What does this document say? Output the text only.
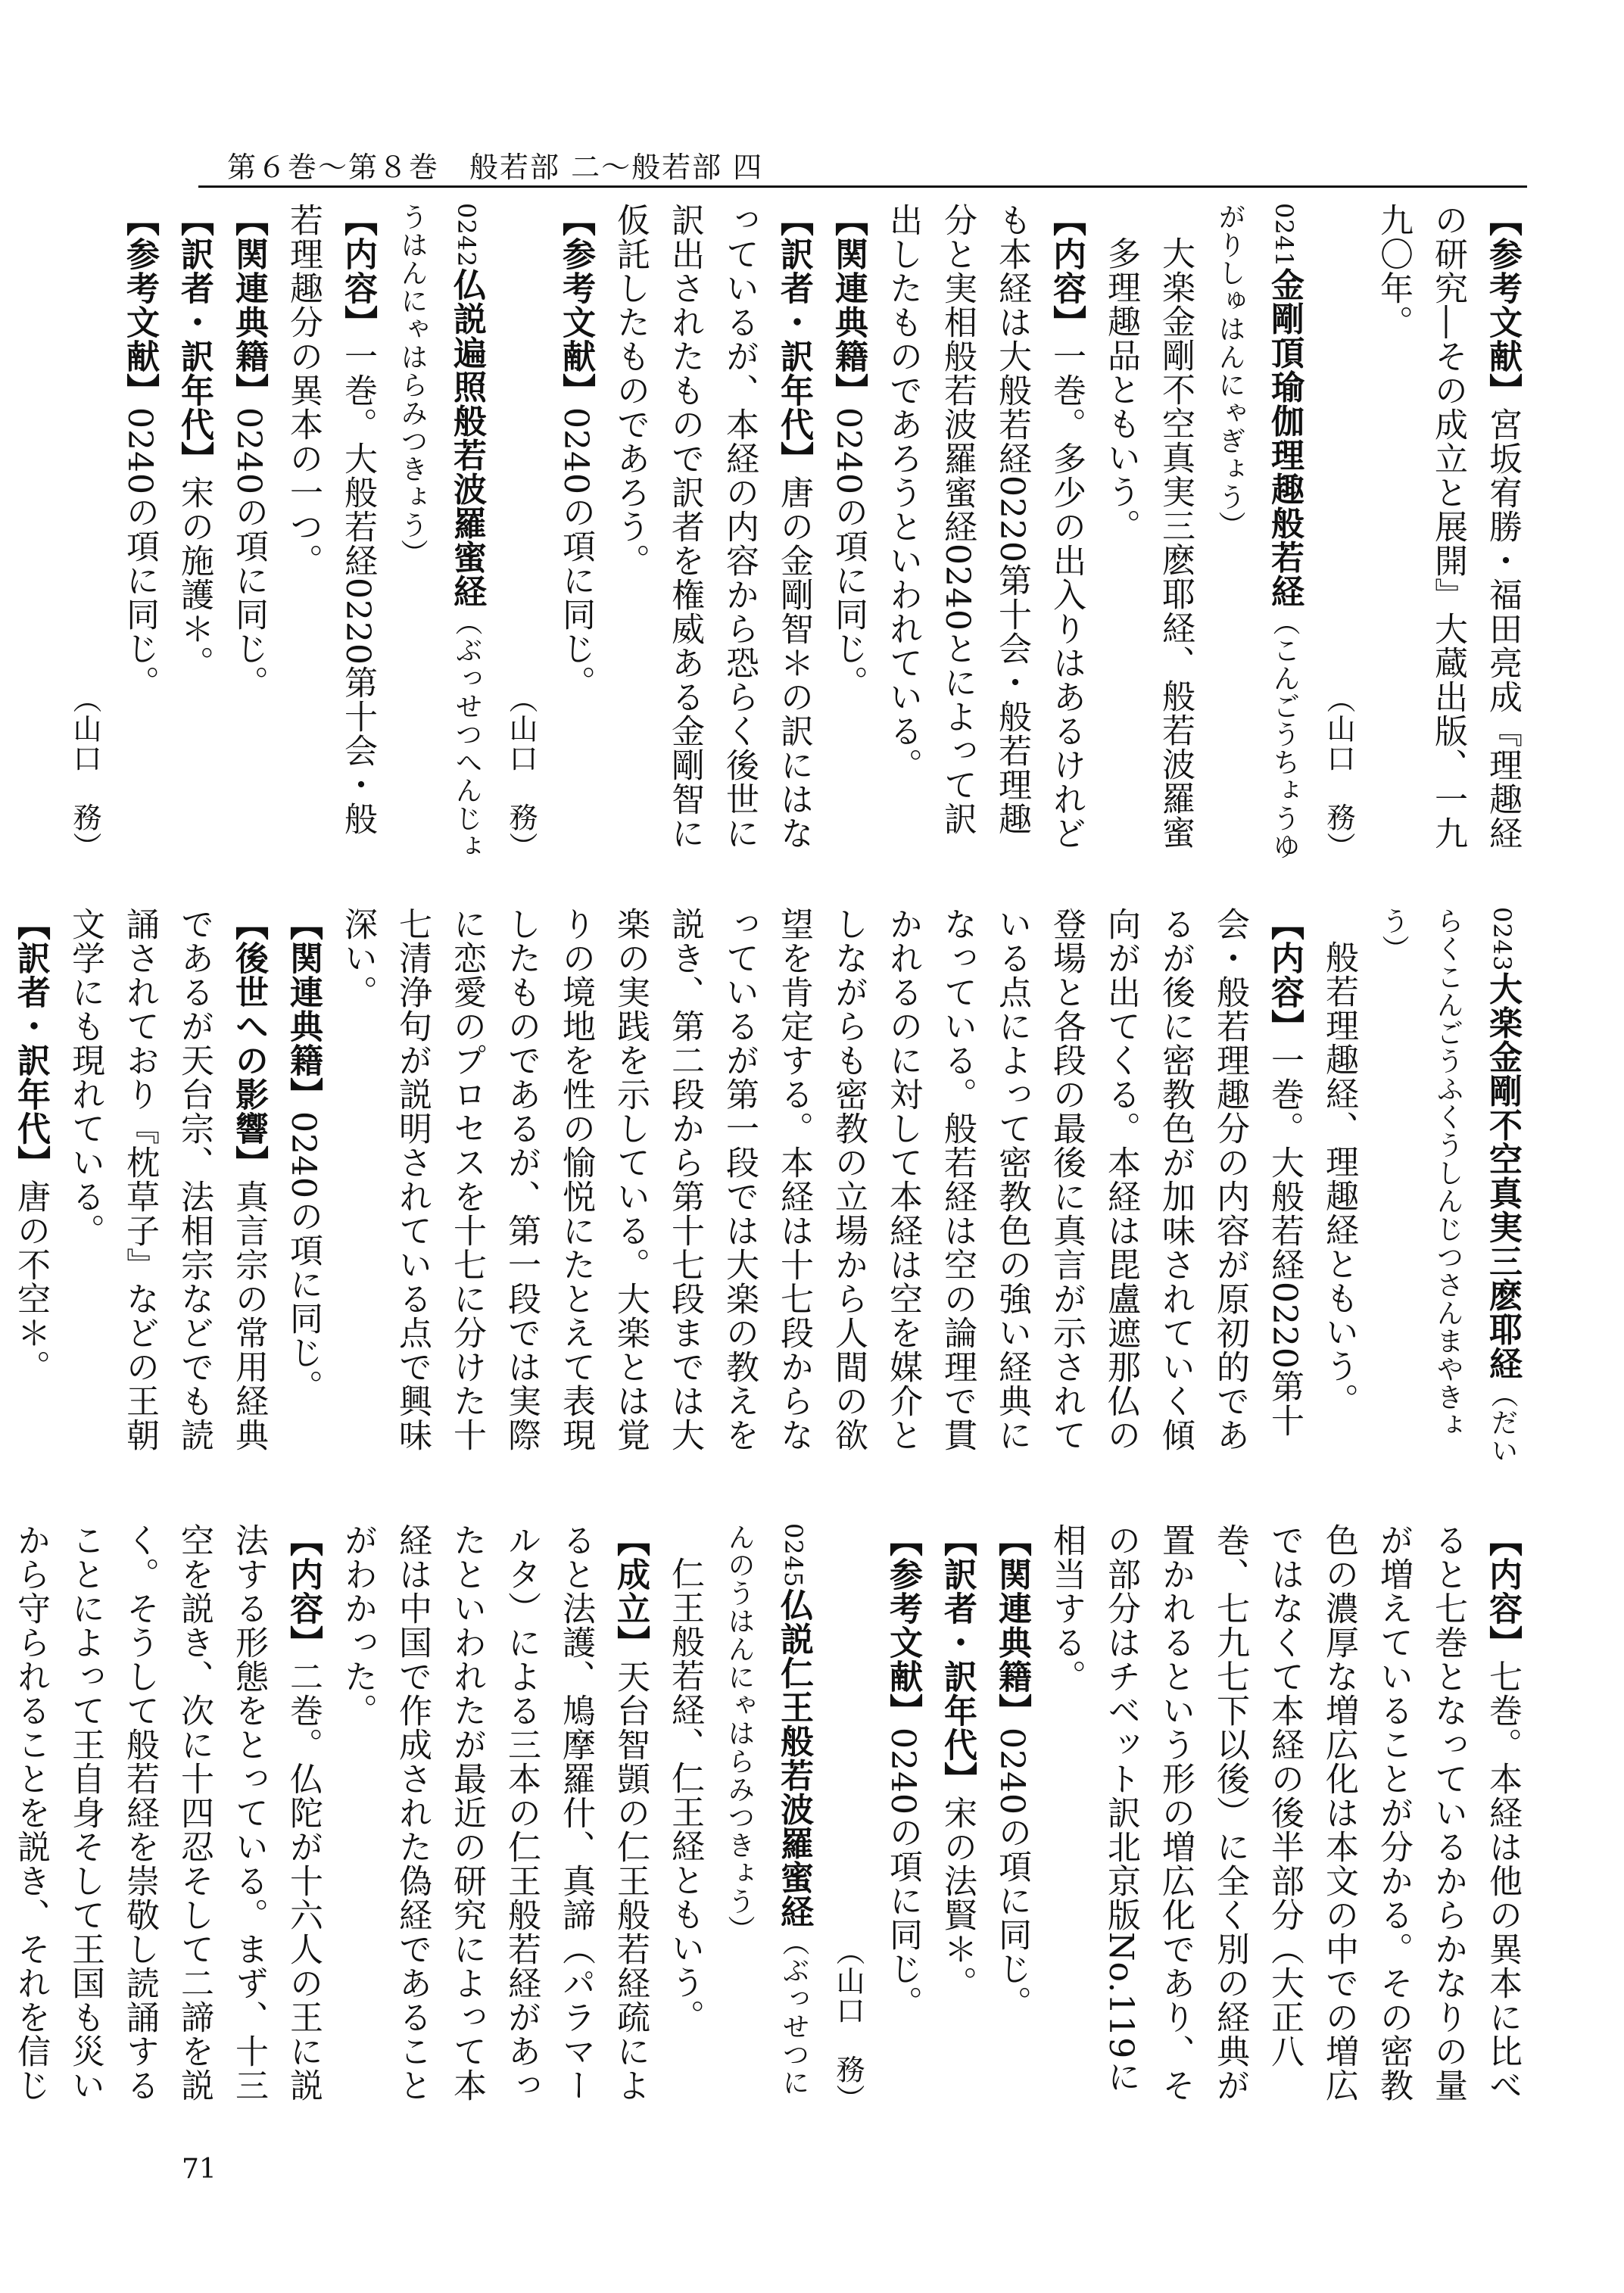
第６巻～第８巻　般若部 二～般若部 四
【参考文献】宮坂宥勝・福田亮成『理趣経の研究―その成立と展開』大蔵出版、一九九〇年。
（山口　務）
0241金剛頂瑜伽理趣般若経（こんごうちょうゆがりしゅはんにゃぎょう）
大楽金剛不空真実三麽耶経、般若波羅蜜多理趣品ともいう。
【内容】一巻。多少の出入りはあるけれども本経は大般若経0220第十会・般若理趣分と実相般若波羅蜜経0240とによって訳出したものであろうといわれている。
【関連典籍】0240の項に同じ。
【訳者・訳年代】唐の金剛智＊の訳にはなっているが、本経の内容から恐らく後世に訳出されたもので訳者を権威ある金剛智に仮託したものであろう。
【参考文献】0240の項に同じ。
（山口　務）
0242仏説遍照般若波羅蜜経（ぶっせつへんじょうはんにゃはらみつきょう）
【内容】一巻。大般若経0220第十会・般若理趣分の異本の一つ。
【関連典籍】0240の項に同じ。
【訳者・訳年代】宋の施護＊。
【参考文献】0240の項に同じ。
（山口　務）
0243大楽金剛不空真実三麽耶経（だいらくこんごうふくうしんじつさんまやきょう）
般若理趣経、理趣経ともいう。
【内容】一巻。大般若経0220第十会・般若理趣分の内容が原初的であるが後に密教色が加味されていく傾向が出てくる。本経は毘盧遮那仏の登場と各段の最後に真言が示されている点によって密教色の強い経典になっている。般若経は空の論理で貫かれるのに対して本経は空を媒介としながらも密教の立場から人間の欲望を肯定する。本経は十七段からなっているが第一段では大楽の教えを説き、第二段から第十七段までは大楽の実践を示している。大楽とは覚りの境地を性の愉悦にたとえて表現したものであるが、第一段では実際に恋愛のプロセスを十七に分けた十七清浄句が説明されている点で興味深い。
【関連典籍】0240の項に同じ。
【後世への影響】真言宗の常用経典であるが天台宗、法相宗などでも読誦されており『枕草子』などの王朝文学にも現れている。
【訳者・訳年代】唐の不空＊。
【内容】七巻。本経は他の異本に比べると七巻となっているからかなりの量が増えていることが分かる。その密教色の濃厚な増広化は本文の中での増広ではなくて本経の後半部分（大正八巻、七九七下以後）に全く別の経典が置かれるという形の増広化であり、その部分はチベット訳北京版No.119に相当する。
【関連典籍】0240の項に同じ。
【訳者・訳年代】宋の法賢＊。
【参考文献】0240の項に同じ。
（山口　務）
0245仏説仁王般若波羅蜜経（ぶっせつにんのうはんにゃはらみつきょう）
仁王般若経、仁王経ともいう。
【成立】天台智顗の仁王般若経疏によると法護、鳩摩羅什、真諦（パラマールタ）による三本の仁王般若経があったといわれたが最近の研究によって本経は中国で作成された偽経であることがわかった。
【内容】二巻。仏陀が十六人の王に説法する形態をとっている。まず、十三空を説き、次に十四忍そして二諦を説く。そうして般若経を崇敬し読誦することによって王自身そして王国も災いから守られることを説き、それを信じ
71
